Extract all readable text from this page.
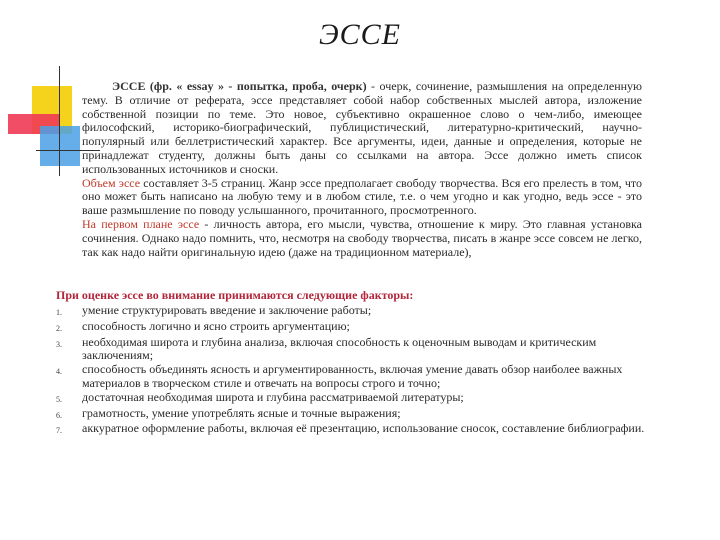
ЭССЕ

ЭССЕ (фр. « essay » - попытка, проба, очерк) - очерк, сочинение, размышления на определенную тему. В отличие от реферата, эссе представляет собой набор собственных мыслей автора, изложение собственной позиции по теме. Это новое, субъективно окрашенное слово о чем-либо, имеющее философский, историко-биографический, публицистический, литературно-критический, научно-популярный или беллетристический характер. Все аргументы, идеи, данные и определения, которые не принадлежат студенту, должны быть даны со ссылками на автора. Эссе должно иметь список использованных источников и сноски.

Объем эссе составляет 3-5 страниц. Жанр эссе предполагает свободу творчества. Вся его прелесть в том, что оно может быть написано на любую тему и в любом стиле, т.е. о чем угодно и как угодно, ведь эссе - это ваше размышление по поводу услышанного, прочитанного, просмотренного.

На первом плане эссе - личность автора, его мысли, чувства, отношение к миру. Это главная установка сочинения. Однако надо помнить, что, несмотря на свободу творчества, писать в жанре эссе совсем не легко, так как надо найти оригинальную идею (даже на традиционном материале),

При оценке эссе во внимание принимаются следующие факторы:
1.	умение структурировать введение и заключение работы;
2.	способность логично и ясно строить аргументацию;
3.	необходимая широта и глубина анализа, включая способность к оценочным выводам и критическим заключениям;
4.	способность объединять ясность и аргументированность, включая умение давать обзор наиболее важных материалов в творческом стиле и отвечать на вопросы строго и точно;
5.	достаточная необходимая широта и глубина рассматриваемой литературы;
6.	грамотность, умение употреблять ясные и точные выражения;
7.	аккуратное оформление работы, включая её презентацию, использование сносок, составление библиографии.
